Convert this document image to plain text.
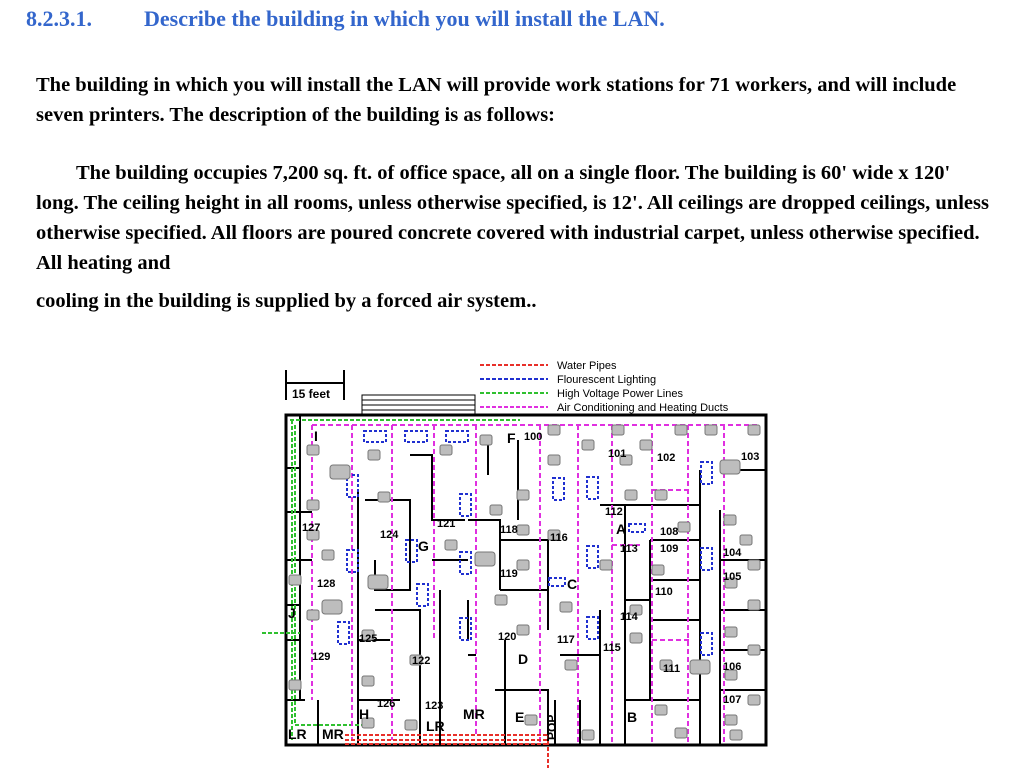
8.2.3.1. Describe the building in which you will install the LAN.

The building in which you will install the LAN will provide work stations for 71 workers, and will include seven printers. The description of the building is as follows:

The building occupies 7,200 sq. ft. of office space, all on a single floor. The building is 60' wide x 120' long. The ceiling height in all rooms, unless otherwise specified, is 12'. All ceilings are dropped ceilings, unless otherwise specified. All floors are poured concrete covered with industrial carpet, unless otherwise specified. All heating and
cooling in the building is supplied by a forced air system..

Water Pipes
Flourescent Lighting
High Voltage Power Lines
Air Conditioning and Heating Ducts
15 feet
100
101	102	103
104
105
106
107
108
109
110
111
112
113
114
115
116
117
118
119
120
121
122
123
124
125
126
127
128
129
I	F
A
G
C
D
J
H	E	B
MR
MR
LR	LR	POP
